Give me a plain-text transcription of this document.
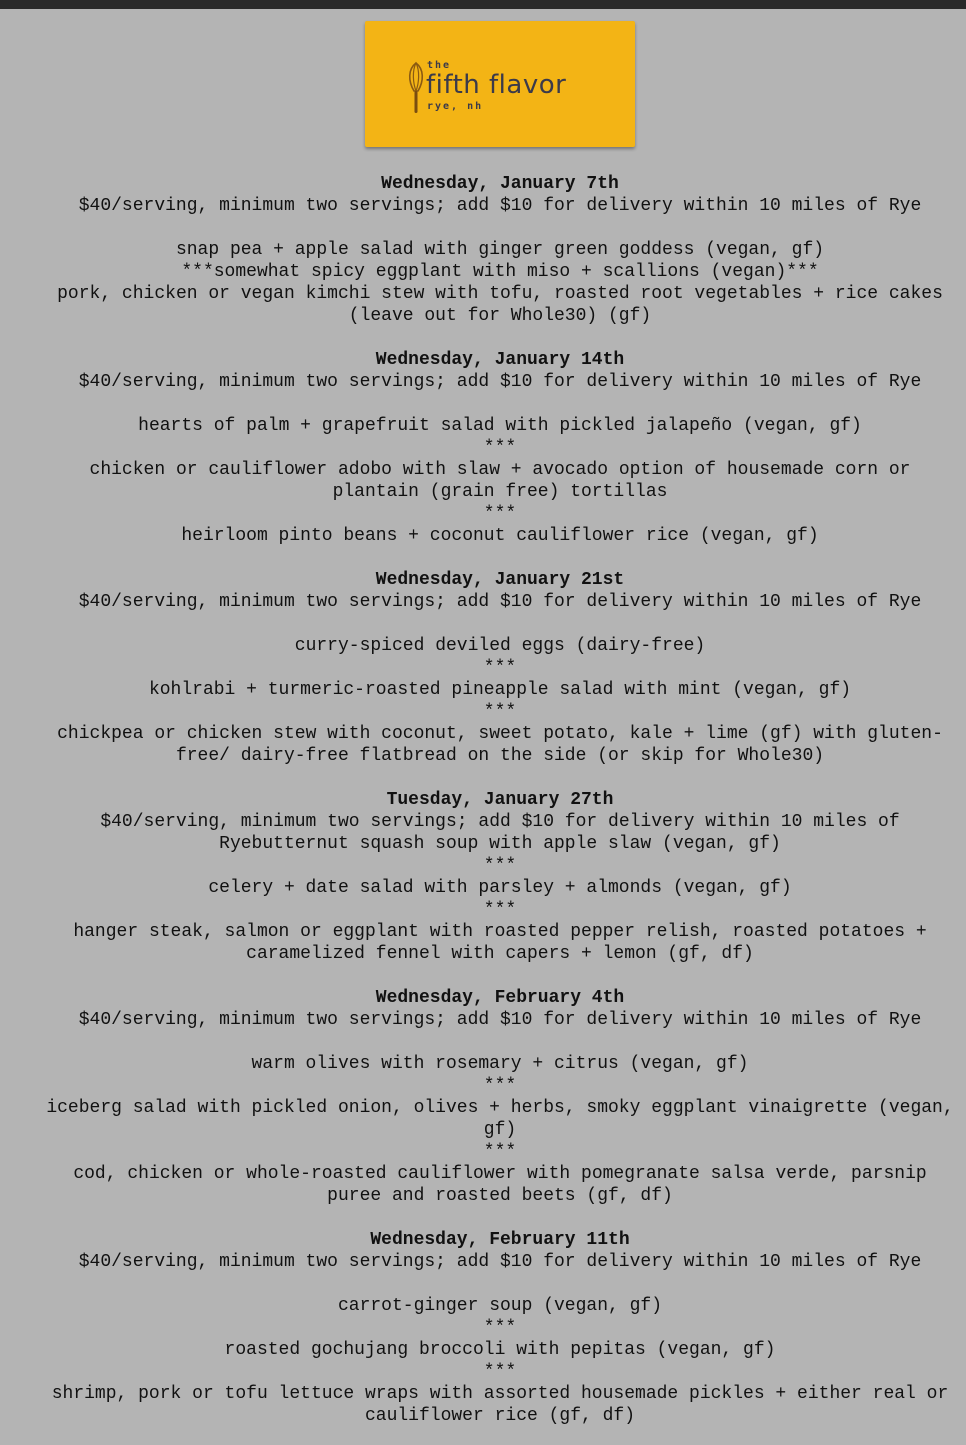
the
fifth flavor
rye, nh
Wednesday, January 7th
$40/serving, minimum two servings; add $10 for delivery within 10 miles of Rye
snap pea + apple salad with ginger green goddess (vegan, gf)
***somewhat spicy eggplant with miso + scallions (vegan)***
pork, chicken or vegan kimchi stew with tofu, roasted root vegetables + rice cakes
(leave out for Whole30) (gf)
Wednesday, January 14th
$40/serving, minimum two servings; add $10 for delivery within 10 miles of Rye
hearts of palm + grapefruit salad with pickled jalapeño (vegan, gf)
***
chicken or cauliflower adobo with slaw + avocado option of housemade corn or
plantain (grain free) tortillas
***
heirloom pinto beans + coconut cauliflower rice (vegan, gf)
Wednesday, January 21st
$40/serving, minimum two servings; add $10 for delivery within 10 miles of Rye
curry-spiced deviled eggs (dairy-free)
***
kohlrabi + turmeric-roasted pineapple salad with mint (vegan, gf)
***
chickpea or chicken stew with coconut, sweet potato, kale + lime (gf) with gluten-
free/ dairy-free flatbread on the side (or skip for Whole30)
Tuesday, January 27th
$40/serving, minimum two servings; add $10 for delivery within 10 miles of
Ryebutternut squash soup with apple slaw (vegan, gf)
***
celery + date salad with parsley + almonds (vegan, gf)
***
hanger steak, salmon or eggplant with roasted pepper relish, roasted potatoes +
caramelized fennel with capers + lemon (gf, df)
Wednesday, February 4th
$40/serving, minimum two servings; add $10 for delivery within 10 miles of Rye
warm olives with rosemary + citrus (vegan, gf)
***
iceberg salad with pickled onion, olives + herbs, smoky eggplant vinaigrette (vegan,
gf)
***
cod, chicken or whole-roasted cauliflower with pomegranate salsa verde, parsnip
puree and roasted beets (gf, df)
Wednesday, February 11th
$40/serving, minimum two servings; add $10 for delivery within 10 miles of Rye
carrot-ginger soup (vegan, gf)
***
roasted gochujang broccoli with pepitas (vegan, gf)
***
shrimp, pork or tofu lettuce wraps with assorted housemade pickles + either real or
cauliflower rice (gf, df)
